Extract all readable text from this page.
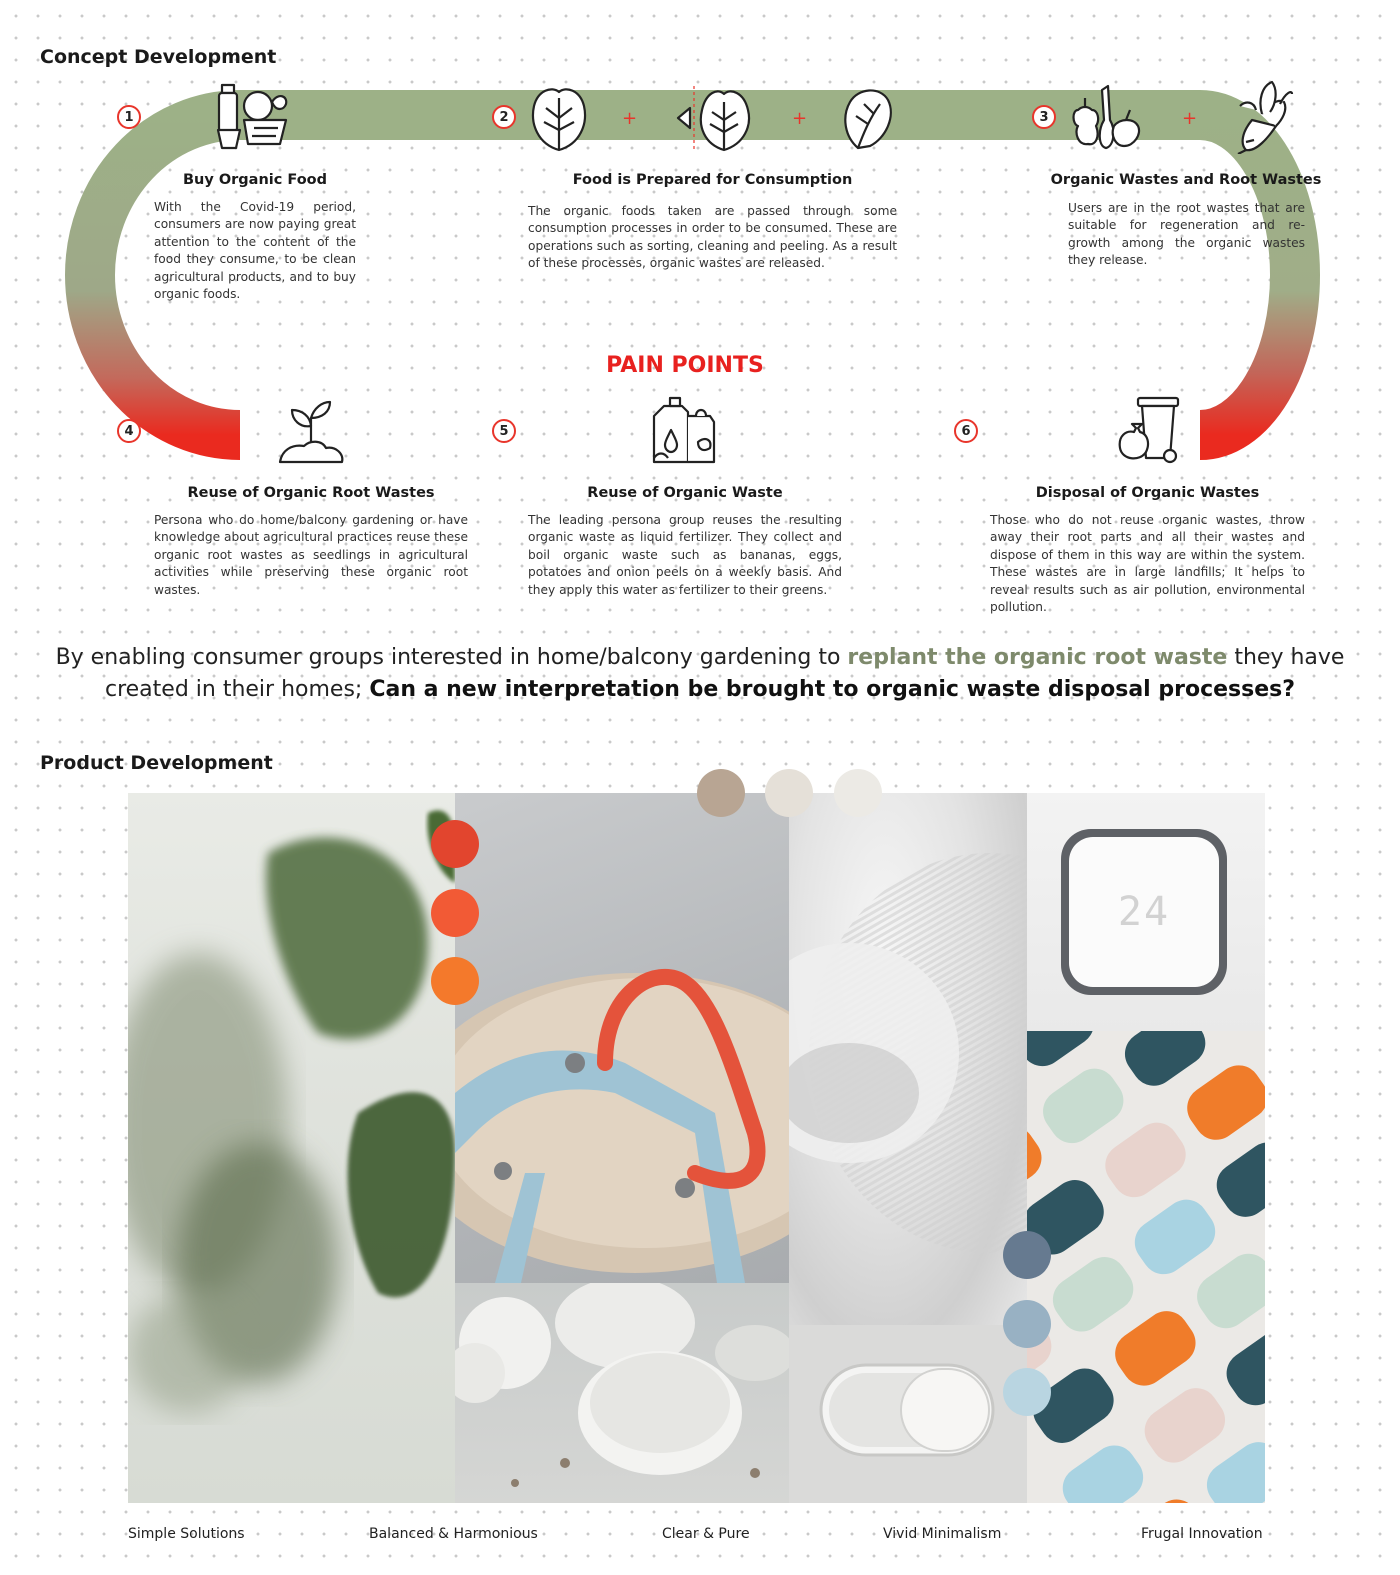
Concept Development
1	2	3
4	5	6
+	+	+
Buy Organic Food
With the Covid-19 period, consumers are now paying great attention to the content of the food they consume, to be clean agricultural products, and to buy organic foods.
Food is Prepared for Consumption
The organic foods taken are passed through some consumption processes in order to be consumed. These are operations such as sorting, cleaning and peeling. As a result of these processes, organic wastes are released.
Organic Wastes and Root Wastes
Users are in the root wastes that are suitable for regeneration and re-growth among the organic wastes they release.
PAIN POINTS
Reuse of Organic Root Wastes
Persona who do home/balcony gardening or have knowledge about agricultural practices reuse these organic root wastes as seedlings in agricultural activities while preserving these organic root wastes.
Reuse of Organic Waste
The leading persona group reuses the resulting organic waste as liquid fertilizer. They collect and boil organic waste such as bananas, eggs, potatoes and onion peels on a weekly basis. And they apply this water as fertilizer to their greens.
Disposal of Organic Wastes
Those who do not reuse organic wastes, throw away their root parts and all their wastes and dispose of them in this way are within the system. These wastes are in large landfills; It helps to reveal results such as air pollution, environmental pollution.
By enabling consumer groups interested in home/balcony gardening to replant the organic root waste they have created in their homes; Can a new interpretation be brought to organic waste disposal processes?
Product Development
24
Simple Solutions	Balanced & Harmonious	Clear & Pure	Vivid Minimalism	Frugal Innovation
